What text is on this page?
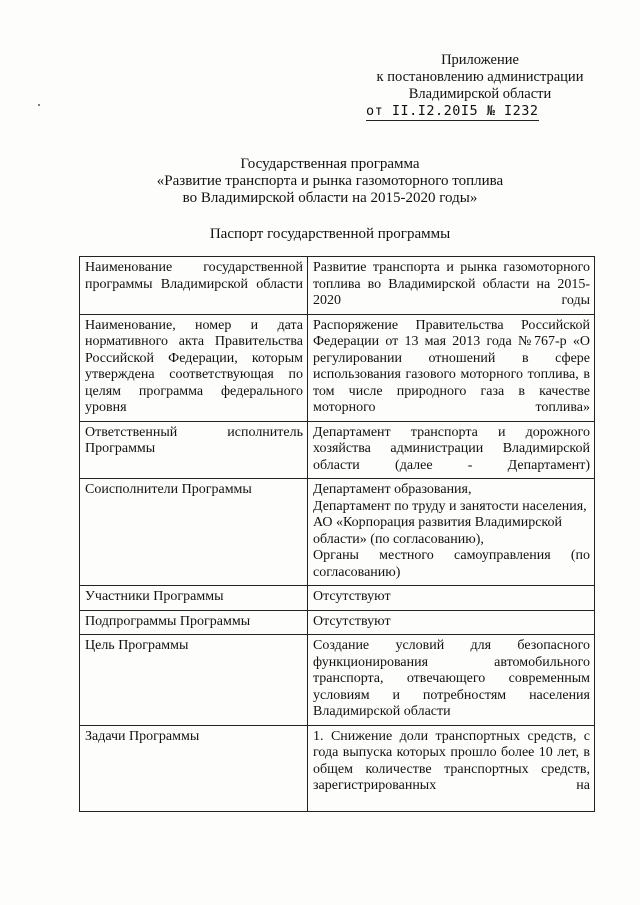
Приложение
к постановлению администрации
Владимирской области
от II.I2.20I5 № I232
Государственная программа
«Развитие транспорта и рынка газомоторного топлива
во Владимирской области на 2015-2020 годы»
Паспорт государственной программы
Наименование государственной программы Владимирской области	Развитие транспорта и рынка газомоторного топлива во Владимирской области на 2015-2020 годы
Наименование, номер и дата нормативного акта Правительства Российской Федерации, которым утверждена соответствующая по целям программа федерального уровня	Распоряжение Правительства Российской Федерации от 13 мая 2013 года №767-р «О регулировании отношений в сфере использования газового моторного топлива, в том числе природного газа в качестве моторного топлива»
Ответственный исполнитель Программы	Департамент транспорта и дорожного хозяйства администрации Владимирской области (далее - Департамент)
Соисполнители Программы	Департамент образования,
Департамент по труду и занятости населения,
АО «Корпорация развития Владимирской области» (по согласованию),
Органы местного самоуправления (по согласованию)

Участники Программы	Отсутствуют
Подпрограммы Программы	Отсутствуют
Цель Программы	Создание условий для безопасного функционирования автомобильного транспорта, отвечающего современным условиям и потребностям населения Владимирской области
Задачи Программы	1. Снижение доли транспортных средств, с года выпуска которых прошло более 10 лет, в общем количестве транспортных средств, зарегистрированных на
